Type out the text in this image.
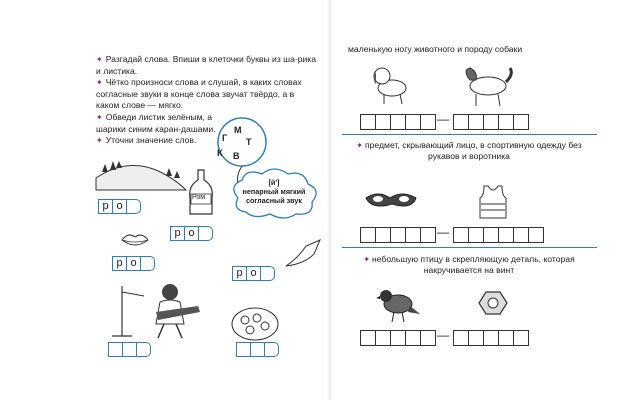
✦ Разгадай слова. Впиши в клеточки буквы из ша-рика и листика.

✦ Чётко произноси слова и слушай, в каких словах согласные звуки в конце слова звучат твёрдо, а в каком слове — мягко.

✦ Обведи листик зелёным, а шарики синим каран-дашами.

✦ Уточни значение слов.

М
Г Т
К В
Ром
[й']
непарный мягкий согласный звук
р о
р о
р о
р о
маленькую ногу животного и породу собаки
—
✦ предмет, скрывающий лицо, в спортивную одежду без рукавов и воротника
—
✦ небольшую птицу в скрепляющую деталь, которая накручивается на винт
—
